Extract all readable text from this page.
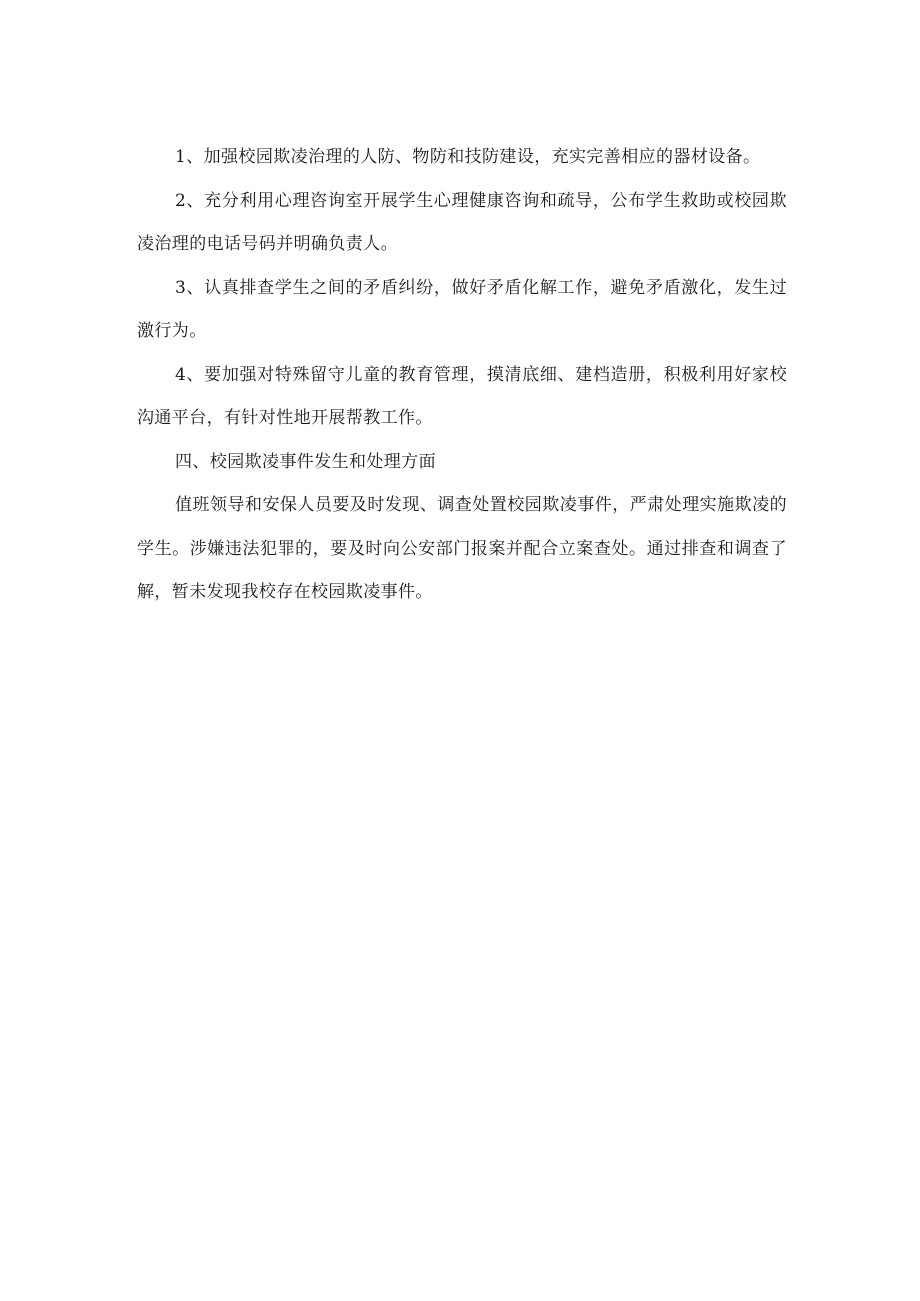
1、加强校园欺凌治理的人防、物防和技防建设，充实完善相应的器材设备。

2、充分利用心理咨询室开展学生心理健康咨询和疏导，公布学生救助或校园欺凌治理的电话号码并明确负责人。

3、认真排查学生之间的矛盾纠纷，做好矛盾化解工作，避免矛盾激化，发生过激行为。

4、要加强对特殊留守儿童的教育管理，摸清底细、建档造册，积极利用好家校沟通平台，有针对性地开展帮教工作。

四、校园欺凌事件发生和处理方面

值班领导和安保人员要及时发现、调查处置校园欺凌事件，严肃处理实施欺凌的学生。涉嫌违法犯罪的，要及时向公安部门报案并配合立案查处。通过排查和调查了解，暂未发现我校存在校园欺凌事件。
